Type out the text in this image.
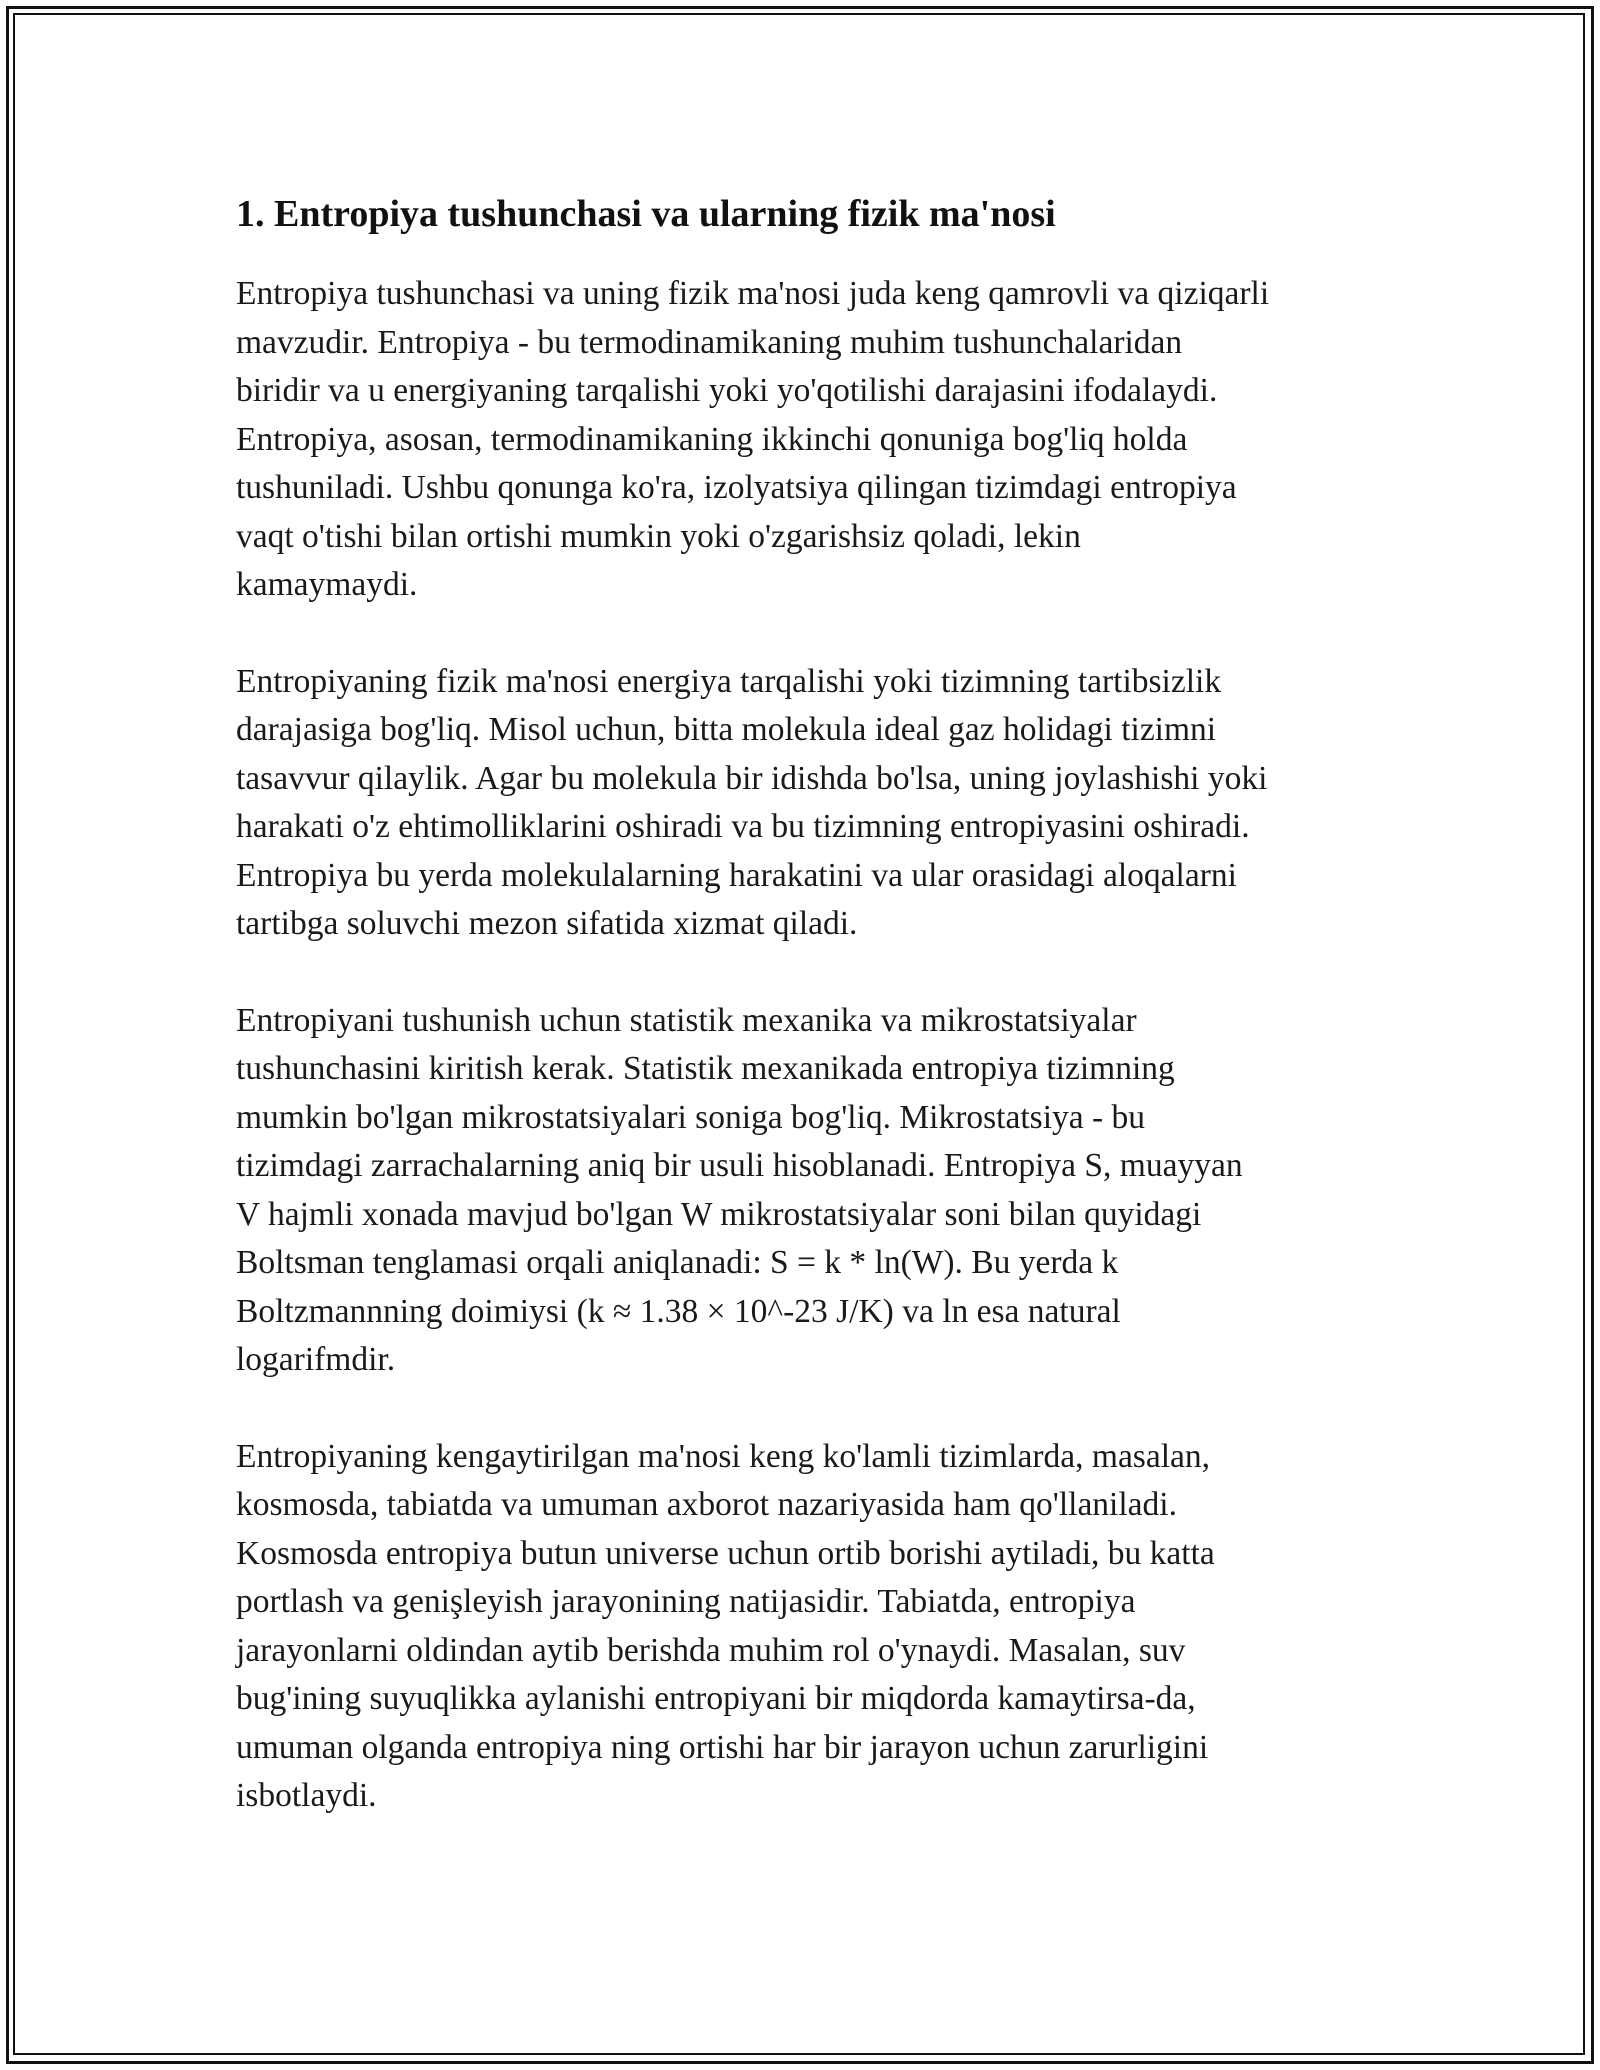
1. Entropiya tushunchasi va ularning fizik ma'nosi

Entropiya tushunchasi va uning fizik ma'nosi juda keng qamrovli va qiziqarli
mavzudir. Entropiya - bu termodinamikaning muhim tushunchalaridan
biridir va u energiyaning tarqalishi yoki yo'qotilishi darajasini ifodalaydi.
Entropiya, asosan, termodinamikaning ikkinchi qonuniga bog'liq holda
tushuniladi. Ushbu qonunga ko'ra, izolyatsiya qilingan tizimdagi entropiya
vaqt o'tishi bilan ortishi mumkin yoki o'zgarishsiz qoladi, lekin
kamaymaydi.

Entropiyaning fizik ma'nosi energiya tarqalishi yoki tizimning tartibsizlik
darajasiga bog'liq. Misol uchun, bitta molekula ideal gaz holidagi tizimni
tasavvur qilaylik. Agar bu molekula bir idishda bo'lsa, uning joylashishi yoki
harakati o'z ehtimolliklarini oshiradi va bu tizimning entropiyasini oshiradi.
Entropiya bu yerda molekulalarning harakatini va ular orasidagi aloqalarni
tartibga soluvchi mezon sifatida xizmat qiladi.

Entropiyani tushunish uchun statistik mexanika va mikrostatsiyalar
tushunchasini kiritish kerak. Statistik mexanikada entropiya tizimning
mumkin bo'lgan mikrostatsiyalari soniga bog'liq. Mikrostatsiya - bu
tizimdagi zarrachalarning aniq bir usuli hisoblanadi. Entropiya S, muayyan
V hajmli xonada mavjud bo'lgan W mikrostatsiyalar soni bilan quyidagi
Boltsman tenglamasi orqali aniqlanadi: S = k * ln(W). Bu yerda k
Boltzmannning doimiysi (k ≈ 1.38 × 10^-23 J/K) va ln esa natural
logarifmdir.

Entropiyaning kengaytirilgan ma'nosi keng ko'lamli tizimlarda, masalan,
kosmosda, tabiatda va umuman axborot nazariyasida ham qo'llaniladi.
Kosmosda entropiya butun universe uchun ortib borishi aytiladi, bu katta
portlash va genişleyish jarayonining natijasidir. Tabiatda, entropiya
jarayonlarni oldindan aytib berishda muhim rol o'ynaydi. Masalan, suv
bug'ining suyuqlikka aylanishi entropiyani bir miqdorda kamaytirsa-da,
umuman olganda entropiya ning ortishi har bir jarayon uchun zarurligini
isbotlaydi.
